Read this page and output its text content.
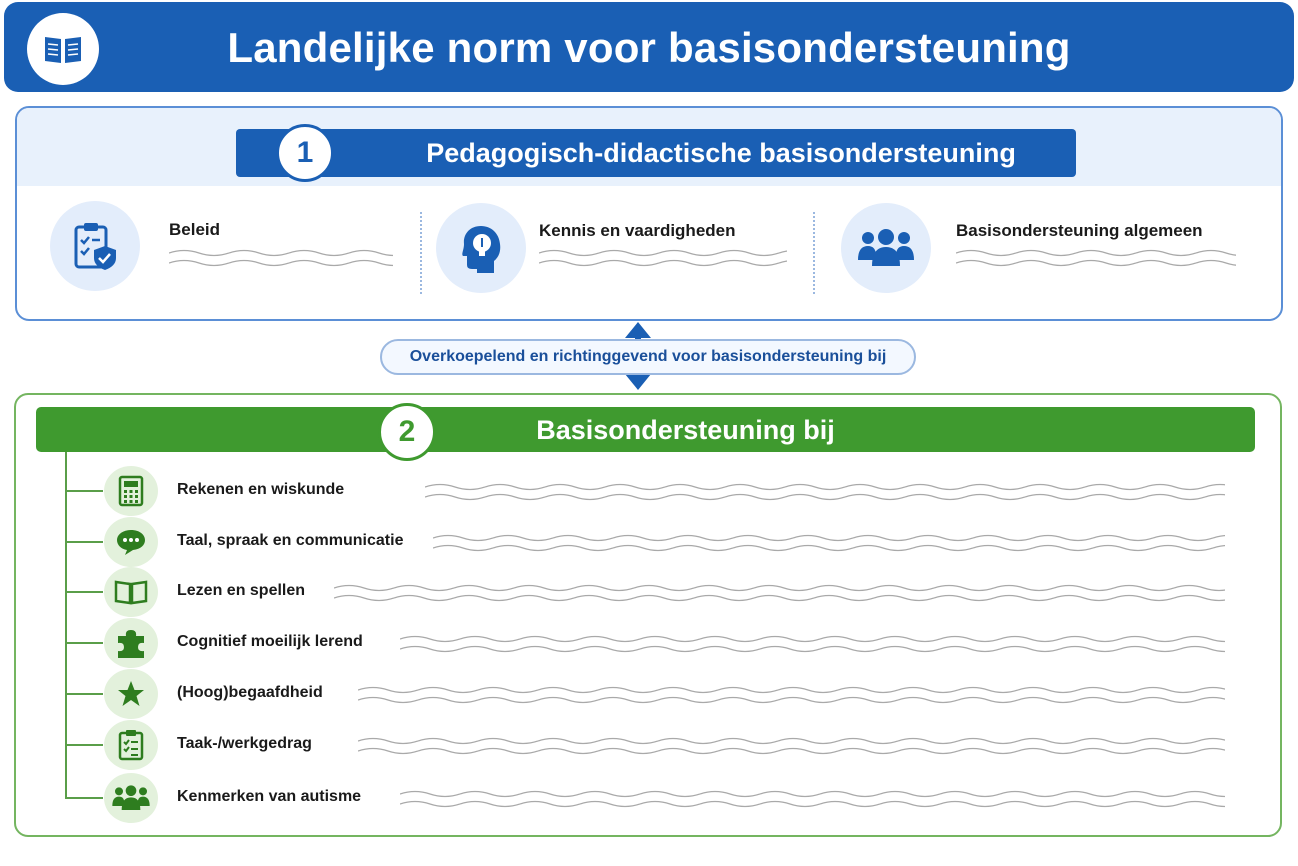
Landelijke norm voor basisondersteuning
Pedagogisch-didactische basisondersteuning
1
Beleid	Kennis en vaardigheden	Basisondersteuning algemeen
Overkoepelend en richtinggevend voor basisondersteuning bij
Basisondersteuning bij
2
Rekenen en wiskunde
Taal, spraak en communicatie
Lezen en spellen
Cognitief moeilijk lerend
(Hoog)begaafdheid
Taak-/werkgedrag
Kenmerken van autisme
